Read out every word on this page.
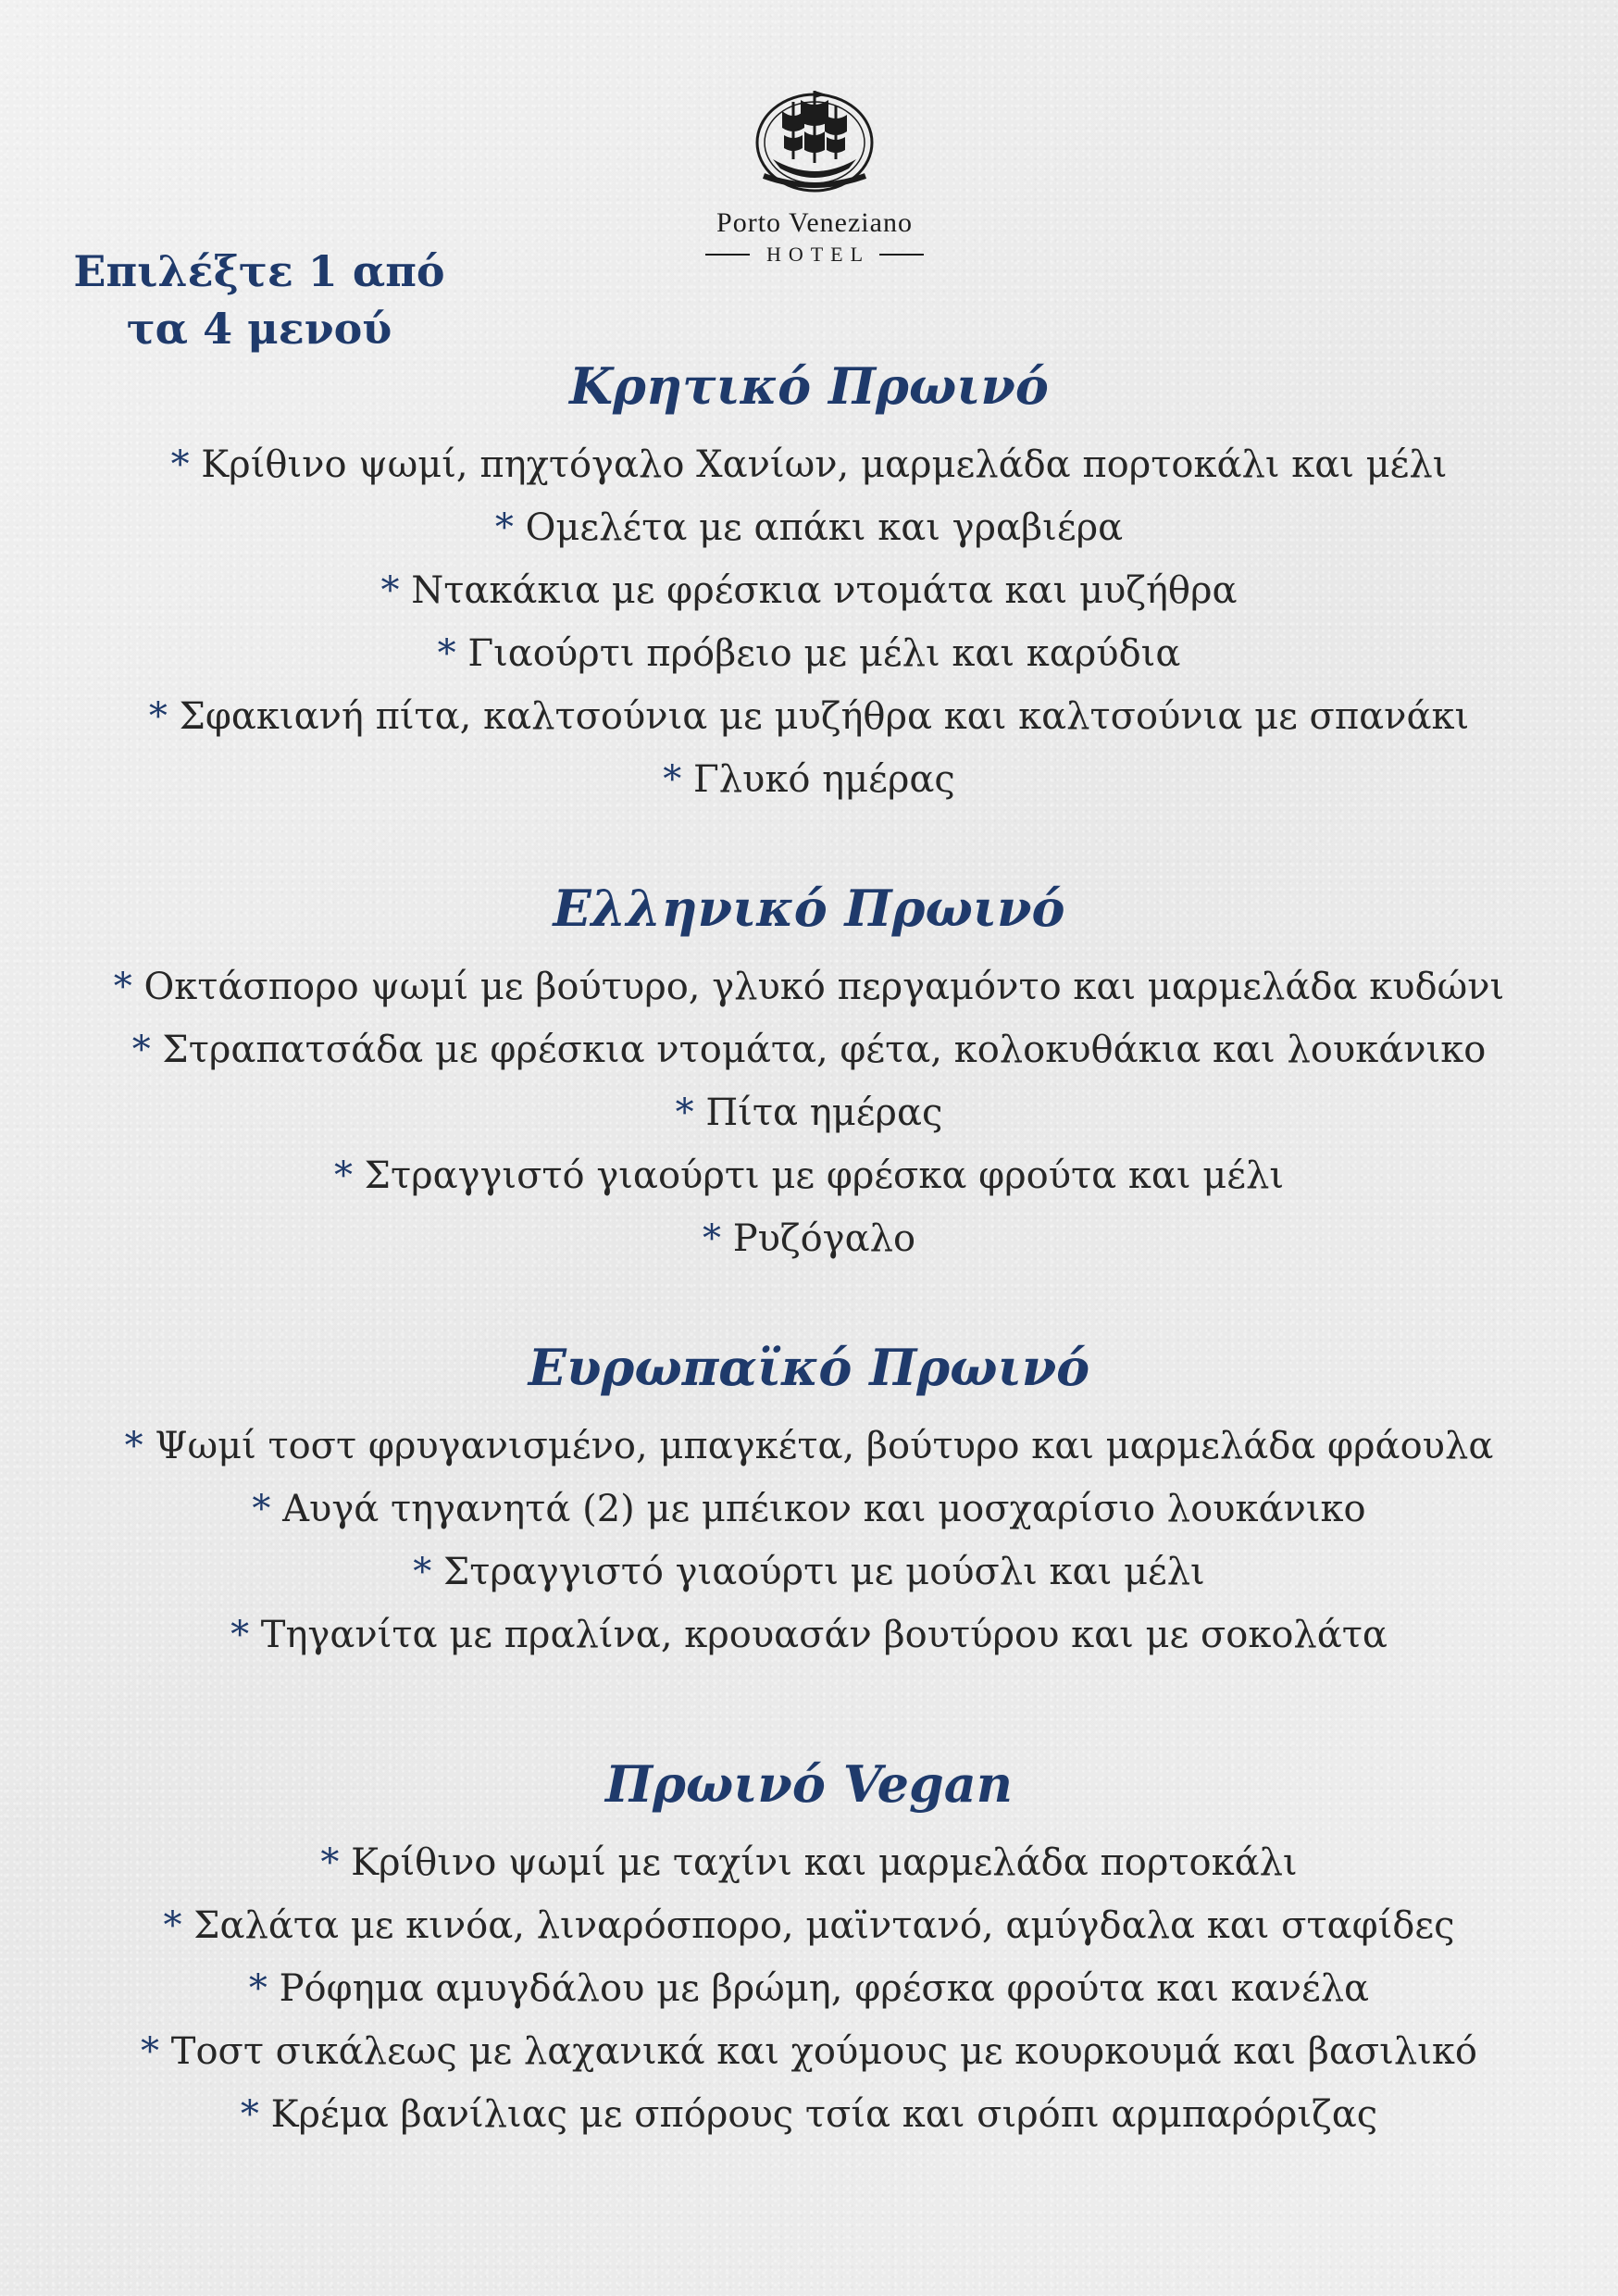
Επιλέξτε 1 από
τα 4 μενού
Porto Veneziano
HOTEL
Κρητικό Πρωινό
* Κρίθινο ψωμί, πηχτόγαλο Χανίων, μαρμελάδα πορτοκάλι και μέλι
* Ομελέτα με απάκι και γραβιέρα
* Ντακάκια με φρέσκια ντομάτα και μυζήθρα
* Γιαούρτι πρόβειο με μέλι και καρύδια
* Σφακιανή πίτα, καλτσούνια με μυζήθρα και καλτσούνια με σπανάκι
* Γλυκό ημέρας
Ελληνικό Πρωινό
* Οκτάσπορο ψωμί με βούτυρο, γλυκό περγαμόντο και μαρμελάδα κυδώνι
* Στραπατσάδα με φρέσκια ντομάτα, φέτα, κολοκυθάκια και λουκάνικο
* Πίτα ημέρας
* Στραγγιστό γιαούρτι με φρέσκα φρούτα και μέλι
* Ρυζόγαλο
Ευρωπαϊκό Πρωινό
* Ψωμί τοστ φρυγανισμένο, μπαγκέτα, βούτυρο και μαρμελάδα φράουλα
* Αυγά τηγανητά (2) με μπέικον και μοσχαρίσιο λουκάνικο
* Στραγγιστό γιαούρτι με μούσλι και μέλι
* Τηγανίτα με πραλίνα, κρουασάν βουτύρου και με σοκολάτα
Πρωινό Vegan
* Κρίθινο ψωμί με ταχίνι και μαρμελάδα πορτοκάλι
* Σαλάτα με κινόα, λιναρόσπορο, μαϊντανό, αμύγδαλα και σταφίδες
* Ρόφημα αμυγδάλου με βρώμη, φρέσκα φρούτα και κανέλα
* Τοστ σικάλεως με λαχανικά και χούμους με κουρκουμά και βασιλικό
* Κρέμα βανίλιας με σπόρους τσία και σιρόπι αρμπαρόριζας
